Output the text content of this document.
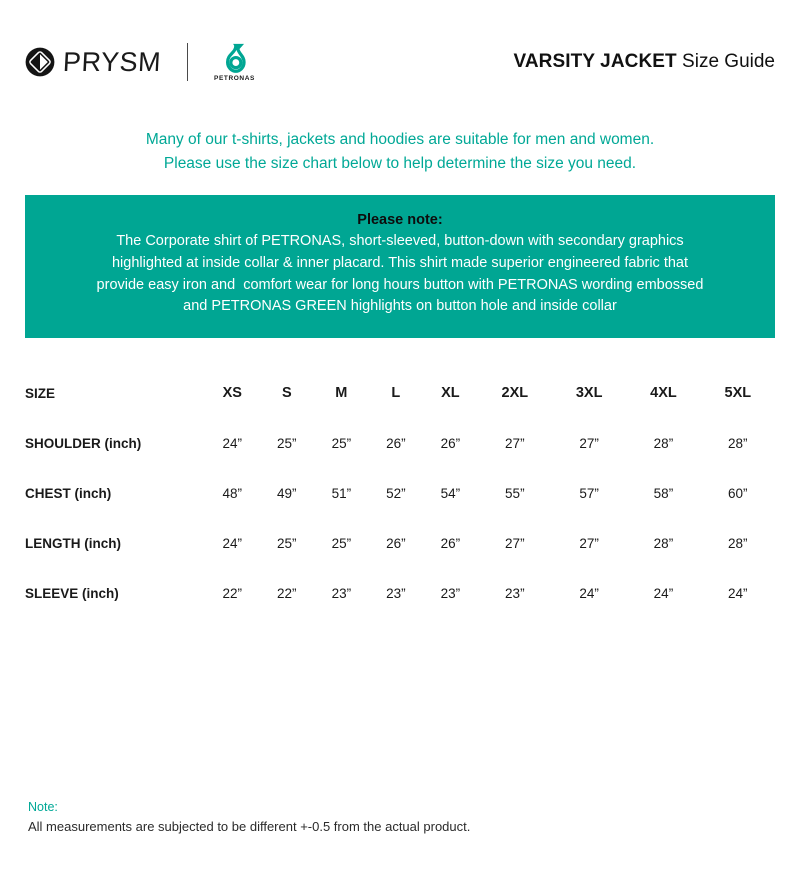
PRYSM
PETRONAS
VARSITY JACKET Size Guide
Many of our t-shirts, jackets and hoodies are suitable for men and women.
Please use the size chart below to help determine the size you need.
Please note:
The Corporate shirt of PETRONAS, short-sleeved, button-down with secondary graphics highlighted at inside collar & inner placard. This shirt made superior engineered fabric that provide easy iron and  comfort wear for long hours button with PETRONAS wording embossed and PETRONAS GREEN highlights on button hole and inside collar
SIZE	XS	S	M	L	XL	2XL	3XL	4XL	5XL
SHOULDER (inch)	24”	25”	25”	26”	26”	27”	27”	28”	28”
CHEST (inch)	48”	49”	51”	52”	54”	55”	57”	58”	60”
LENGTH (inch)	24”	25”	25”	26”	26”	27”	27”	28”	28”
SLEEVE (inch)	22”	22”	23”	23”	23”	23”	24”	24”	24”
Note:
All measurements are subjected to be different +-0.5 from the actual product.
